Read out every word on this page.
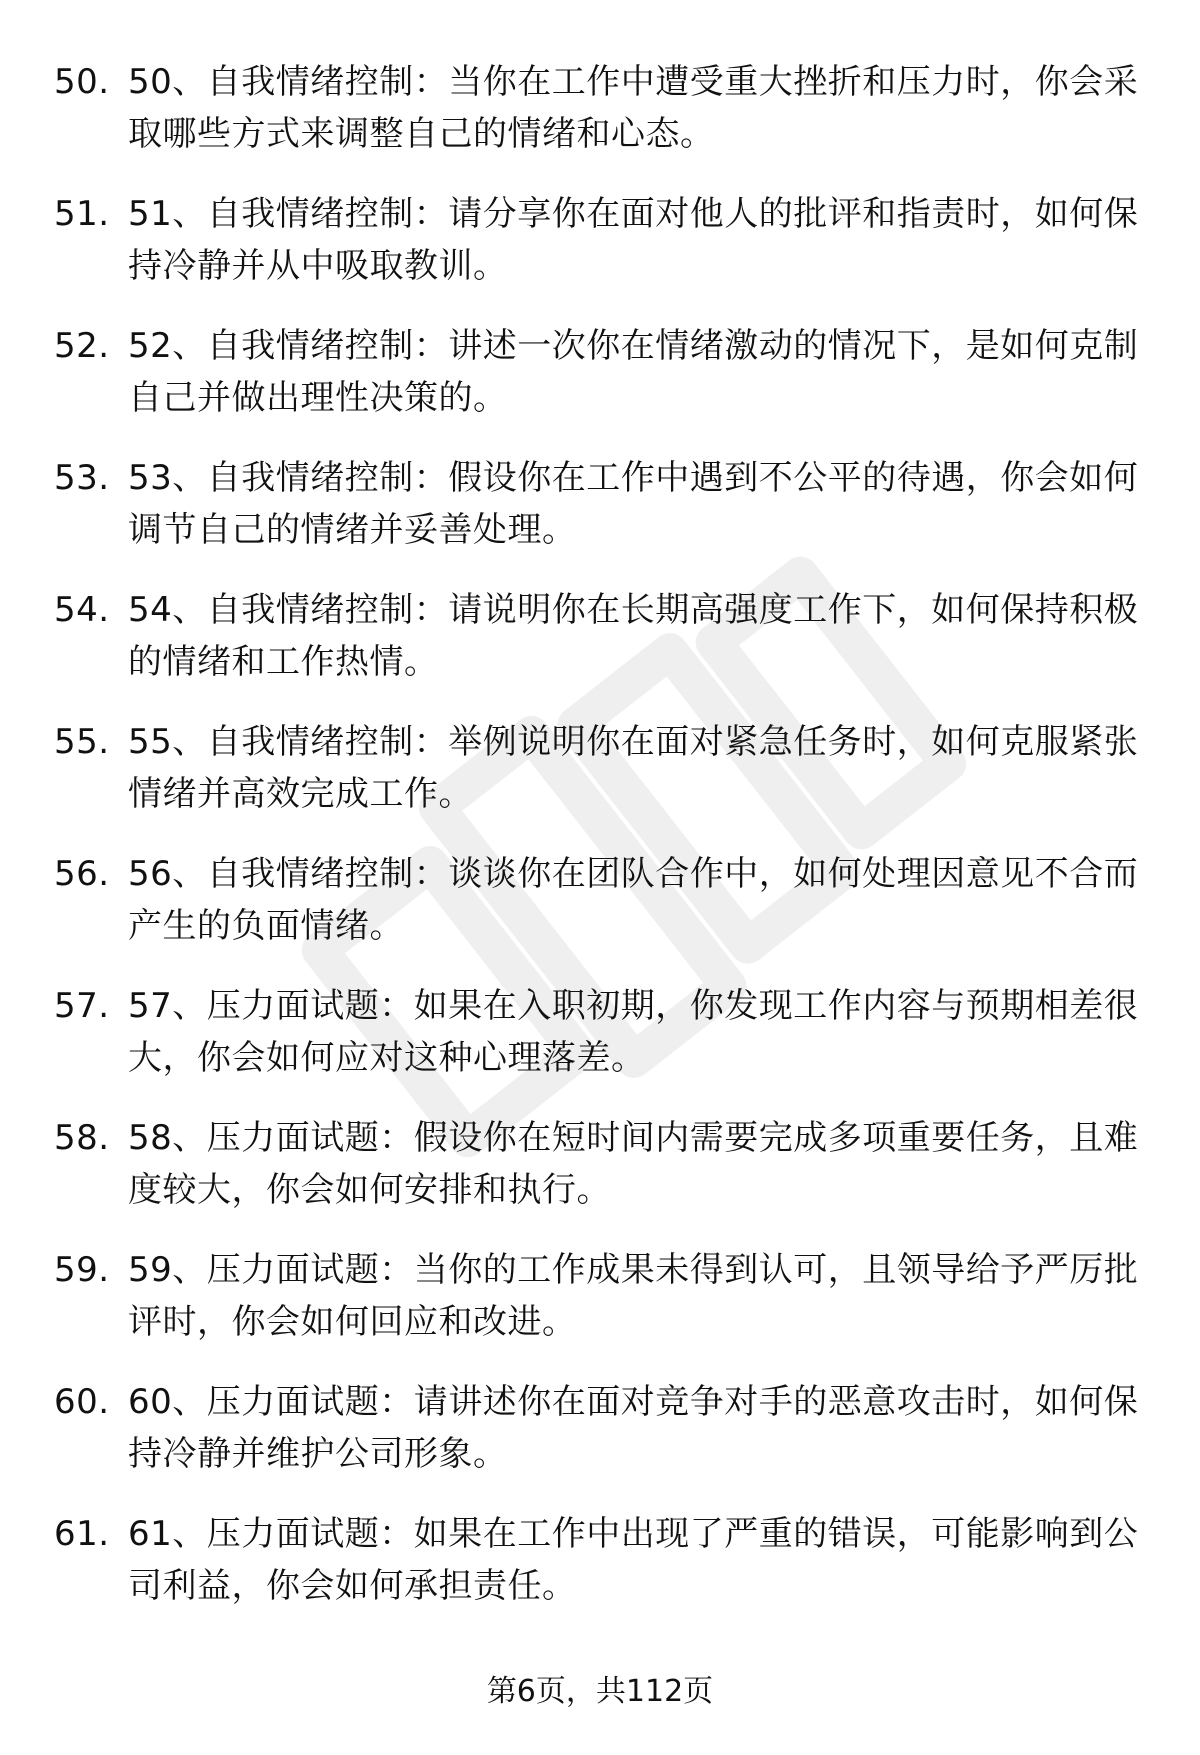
50. 50、自我情绪控制：当你在工作中遭受重大挫折和压力时，你会采取哪些方式来调整自己的情绪和心态。
51. 51、自我情绪控制：请分享你在面对他人的批评和指责时，如何保持冷静并从中吸取教训。
52. 52、自我情绪控制：讲述一次你在情绪激动的情况下，是如何克制自己并做出理性决策的。
53. 53、自我情绪控制：假设你在工作中遇到不公平的待遇，你会如何调节自己的情绪并妥善处理。
54. 54、自我情绪控制：请说明你在长期高强度工作下，如何保持积极的情绪和工作热情。
55. 55、自我情绪控制：举例说明你在面对紧急任务时，如何克服紧张情绪并高效完成工作。
56. 56、自我情绪控制：谈谈你在团队合作中，如何处理因意见不合而产生的负面情绪。
57. 57、压力面试题：如果在入职初期，你发现工作内容与预期相差很大，你会如何应对这种心理落差。
58. 58、压力面试题：假设你在短时间内需要完成多项重要任务，且难度较大，你会如何安排和执行。
59. 59、压力面试题：当你的工作成果未得到认可，且领导给予严厉批评时，你会如何回应和改进。
60. 60、压力面试题：请讲述你在面对竞争对手的恶意攻击时，如何保持冷静并维护公司形象。
61. 61、压力面试题：如果在工作中出现了严重的错误，可能影响到公司利益，你会如何承担责任。
第6页，共112页
